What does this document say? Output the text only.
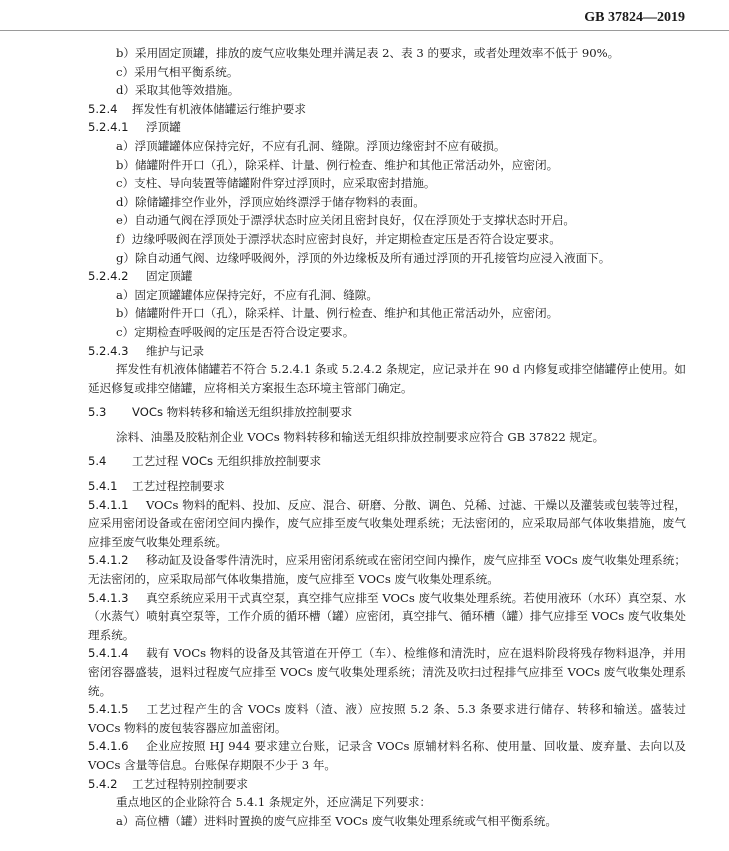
GB 37824—2019
b）采用固定顶罐，排放的废气应收集处理并满足表 2、表 3 的要求，或者处理效率不低于 90%。
c）采用气相平衡系统。
d）采取其他等效措施。
5.2.4 挥发性有机液体储罐运行维护要求
5.2.4.1 浮顶罐
a）浮顶罐罐体应保持完好，不应有孔洞、缝隙。浮顶边缘密封不应有破损。
b）储罐附件开口（孔），除采样、计量、例行检查、维护和其他正常活动外，应密闭。
c）支柱、导向装置等储罐附件穿过浮顶时，应采取密封措施。
d）除储罐排空作业外，浮顶应始终漂浮于储存物料的表面。
e）自动通气阀在浮顶处于漂浮状态时应关闭且密封良好，仅在浮顶处于支撑状态时开启。
f）边缘呼吸阀在浮顶处于漂浮状态时应密封良好，并定期检查定压是否符合设定要求。
g）除自动通气阀、边缘呼吸阀外，浮顶的外边缘板及所有通过浮顶的开孔接管均应浸入液面下。
5.2.4.2 固定顶罐
a）固定顶罐罐体应保持完好，不应有孔洞、缝隙。
b）储罐附件开口（孔），除采样、计量、例行检查、维护和其他正常活动外，应密闭。
c）定期检查呼吸阀的定压是否符合设定要求。
5.2.4.3 维护与记录
挥发性有机液体储罐若不符合 5.2.4.1 条或 5.2.4.2 条规定，应记录并在 90 d 内修复或排空储罐停止使用。如延迟修复或排空储罐，应将相关方案报生态环境主管部门确定。
5.3 VOCs 物料转移和输送无组织排放控制要求
涂料、油墨及胶粘剂企业 VOCs 物料转移和输送无组织排放控制要求应符合 GB 37822 规定。
5.4 工艺过程 VOCs 无组织排放控制要求
5.4.1 工艺过程控制要求
5.4.1.1 VOCs 物料的配料、投加、反应、混合、研磨、分散、调色、兑稀、过滤、干燥以及灌装或包装等过程，应采用密闭设备或在密闭空间内操作，废气应排至废气收集处理系统；无法密闭的，应采取局部气体收集措施，废气应排至废气收集处理系统。
5.4.1.2 移动缸及设备零件清洗时，应采用密闭系统或在密闭空间内操作，废气应排至 VOCs 废气收集处理系统；无法密闭的，应采取局部气体收集措施，废气应排至 VOCs 废气收集处理系统。
5.4.1.3 真空系统应采用干式真空泵，真空排气应排至 VOCs 废气收集处理系统。若使用液环（水环）真空泵、水（水蒸气）喷射真空泵等，工作介质的循环槽（罐）应密闭，真空排气、循环槽（罐）排气应排至 VOCs 废气收集处理系统。
5.4.1.4 载有 VOCs 物料的设备及其管道在开停工（车）、检维修和清洗时，应在退料阶段将残存物料退净，并用密闭容器盛装，退料过程废气应排至 VOCs 废气收集处理系统；清洗及吹扫过程排气应排至 VOCs 废气收集处理系统。
5.4.1.5 工艺过程产生的含 VOCs 废料（渣、液）应按照 5.2 条、5.3 条要求进行储存、转移和输送。盛装过 VOCs 物料的废包装容器应加盖密闭。
5.4.1.6 企业应按照 HJ 944 要求建立台账，记录含 VOCs 原辅材料名称、使用量、回收量、废弃量、去向以及 VOCs 含量等信息。台账保存期限不少于 3 年。
5.4.2 工艺过程特别控制要求
重点地区的企业除符合 5.4.1 条规定外，还应满足下列要求：
a）高位槽（罐）进料时置换的废气应排至 VOCs 废气收集处理系统或气相平衡系统。
